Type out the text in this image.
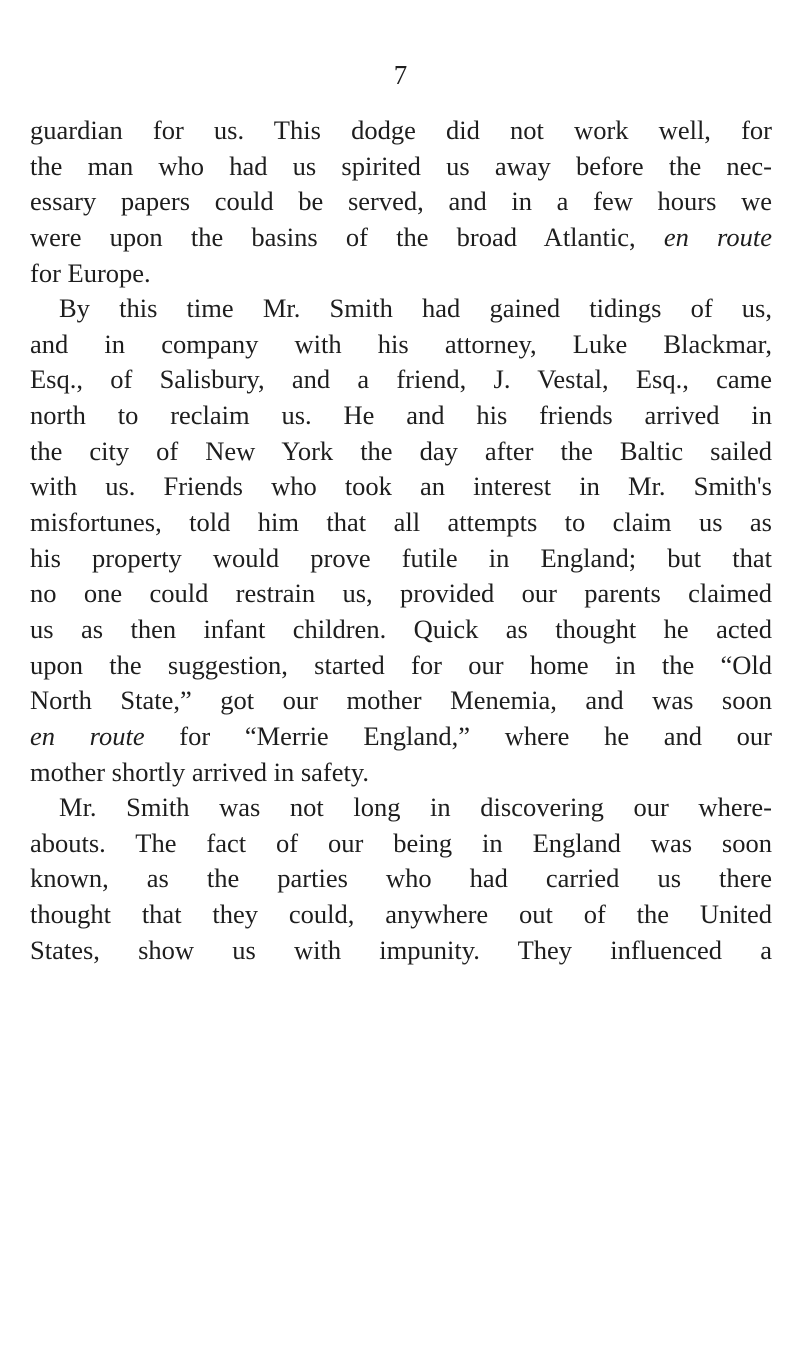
7
guardian for us. This dodge did not work well, for
the man who had us spirited us away before the nec-
essary papers could be served, and in a few hours we
were upon the basins of the broad Atlantic, en route
for Europe.
By this time Mr. Smith had gained tidings of us,
and in company with his attorney, Luke Blackmar,
Esq., of Salisbury, and a friend, J. Vestal, Esq., came
north to reclaim us. He and his friends arrived in
the city of New York the day after the Baltic sailed
with us. Friends who took an interest in Mr. Smith's
misfortunes, told him that all attempts to claim us as
his property would prove futile in England; but that
no one could restrain us, provided our parents claimed
us as then infant children. Quick as thought he acted
upon the suggestion, started for our home in the “Old
North State,” got our mother Menemia, and was soon
en route for “Merrie England,” where he and our
mother shortly arrived in safety.
Mr. Smith was not long in discovering our where-
abouts. The fact of our being in England was soon
known, as the parties who had carried us there
thought that they could, anywhere out of the United
States, show us with impunity. They influenced a
